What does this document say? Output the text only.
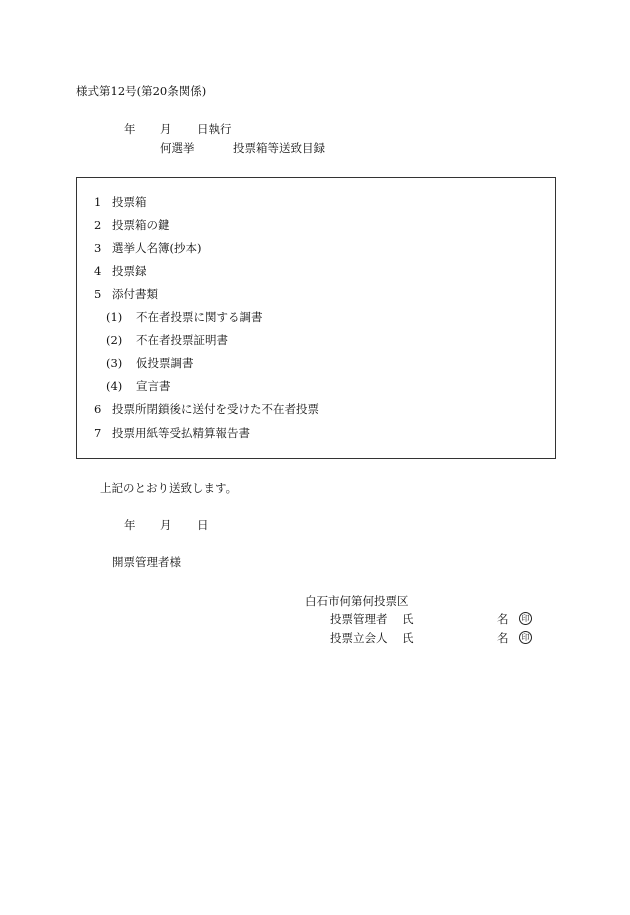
様式第12号(第20条関係)
年 月 日執行
何選挙	投票箱等送致目録
1 投票箱
2 投票箱の鍵
3 選挙人名簿(抄本)
4 投票録
5 添付書類
(1) 不在者投票に関する調書
(2) 不在者投票証明書
(3) 仮投票調書
(4) 宣言書
6 投票所閉鎖後に送付を受けた不在者投票
7 投票用紙等受払精算報告書
上記のとおり送致します。
年 月 日
開票管理者様
白石市何第何投票区
投票管理者 氏	名	印
投票立会人 氏	名	印
